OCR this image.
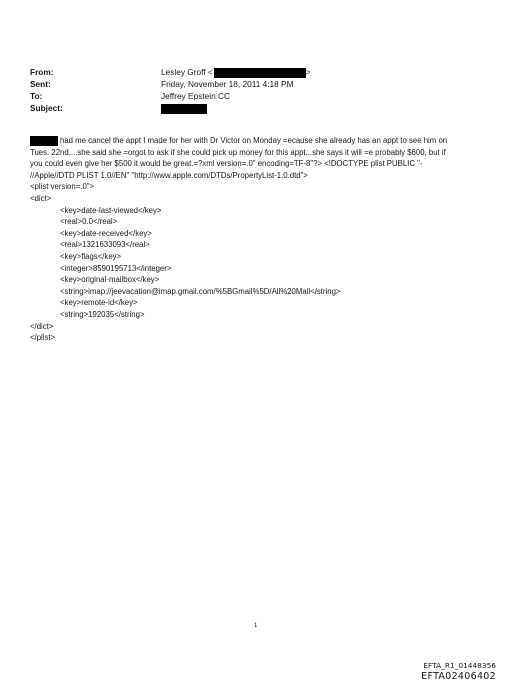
From:	Lesley Groff <	>
Sent:	Friday, November 18, 2011 4:18 PM
To:	Jeffrey Epstein CC
Subject:
had me cancel the appt I made for her with Dr Victor on Monday =ecause she already has an appt to see him on
Tues. 22nd....she said she =orgot to ask if she could pick up money for this appt...she says it will =e probably $600, but if
you could even give her $500 it would be great.=?xml version=.0" encoding=TF-8"?> <!DOCTYPE plist PUBLIC "-
//Apple//DTD PLIST 1.0//EN" "http://www.apple.com/DTDs/PropertyList-1.0.dtd">
<plist version=.0">
<dict>
<key>date-last-viewed</key>
<real>0.0</real>
<key>date-received</key>
<real>1321633093</real>
<key>flags</key>
<integer>8590195713</integer>
<key>original-mailbox</key>
<string>imap://jeevacation@imap.gmail.com/%5BGmail%5D/All%20Mail</string>
<key>remote-id</key>
<string>192035</string>
</dict>
</plist>
1
EFTA_R1_01448356
EFTA02406402
